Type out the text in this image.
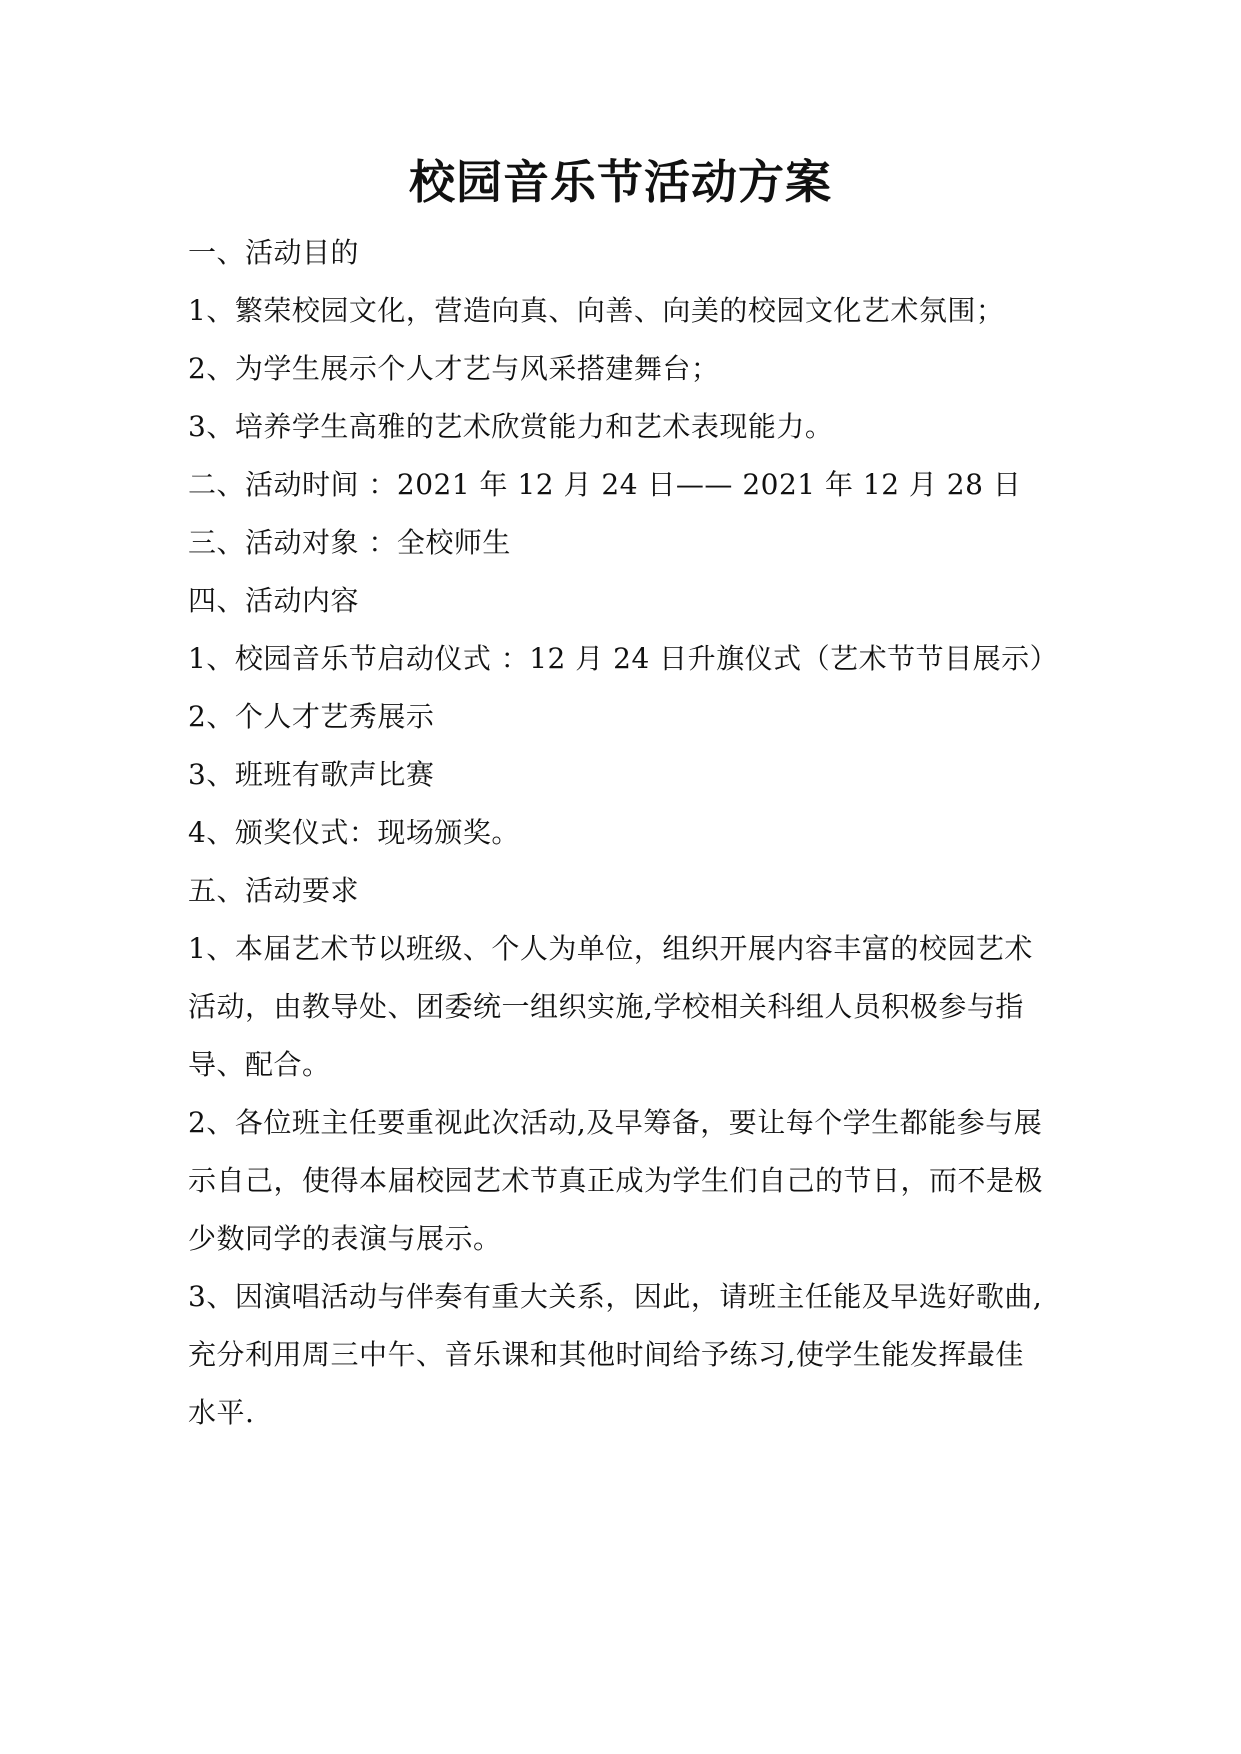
校园音乐节活动方案
一、活动目的
1、繁荣校园文化，营造向真、向善、向美的校园文化艺术氛围；
2、为学生展示个人才艺与风采搭建舞台；
3、培养学生高雅的艺术欣赏能力和艺术表现能力。
二、活动时间 ：2021 年 12 月 24 日—— 2021 年 12 月 28 日
三、活动对象 ：全校师生
四、活动内容
1、校园音乐节启动仪式 ：12 月 24 日升旗仪式（艺术节节目展示）
2、个人才艺秀展示
3、班班有歌声比赛
4、颁奖仪式：现场颁奖。
五、活动要求
1、本届艺术节以班级、个人为单位，组织开展内容丰富的校园艺术
活动，由教导处、团委统一组织实施,学校相关科组人员积极参与指
导、配合。
2、各位班主任要重视此次活动,及早筹备，要让每个学生都能参与展
示自己，使得本届校园艺术节真正成为学生们自己的节日，而不是极
少数同学的表演与展示。
3、因演唱活动与伴奏有重大关系，因此，请班主任能及早选好歌曲,
充分利用周三中午、音乐课和其他时间给予练习,使学生能发挥最佳
水平.
